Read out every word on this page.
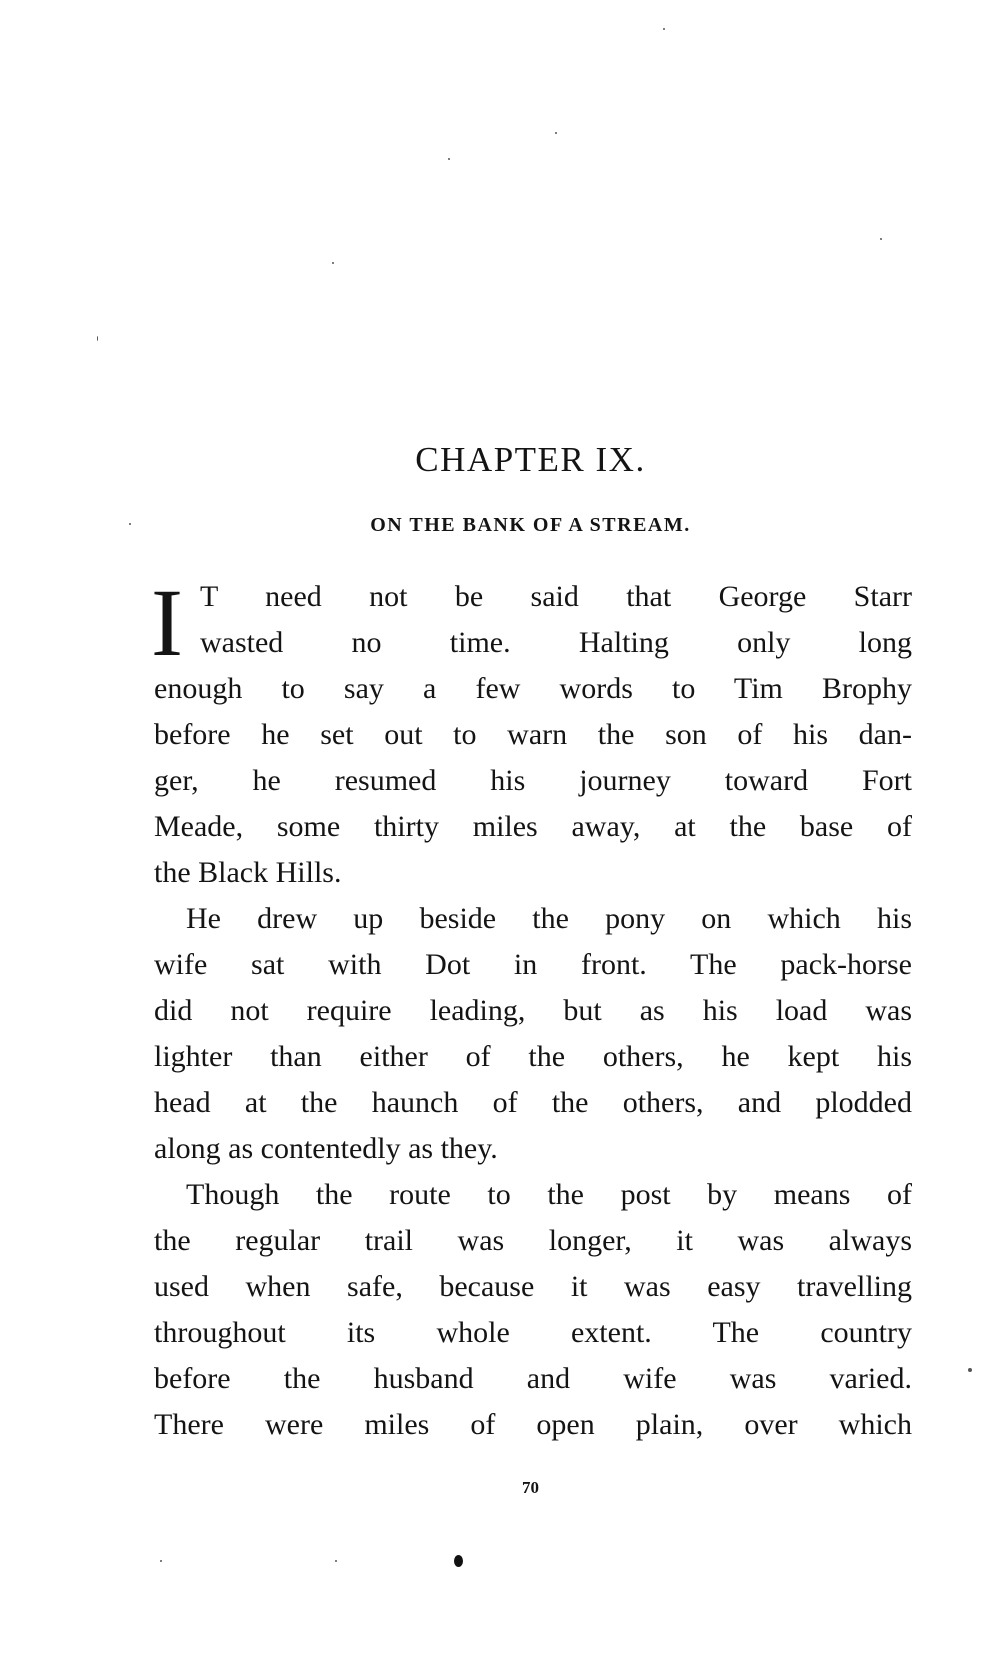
CHAPTER IX.
ON THE BANK OF A STREAM.
I T need not be said that George Starr
wasted no time. Halting only long
enough to say a few words to Tim Brophy
before he set out to warn the son of his dan-
ger, he resumed his journey toward Fort
Meade, some thirty miles away, at the base of
the Black Hills.
He drew up beside the pony on which his
wife sat with Dot in front. The pack-horse
did not require leading, but as his load was
lighter than either of the others, he kept his
head at the haunch of the others, and plodded
along as contentedly as they.
Though the route to the post by means of
the regular trail was longer, it was always
used when safe, because it was easy travelling
throughout its whole extent. The country
before the husband and wife was varied.
There were miles of open plain, over which
70
